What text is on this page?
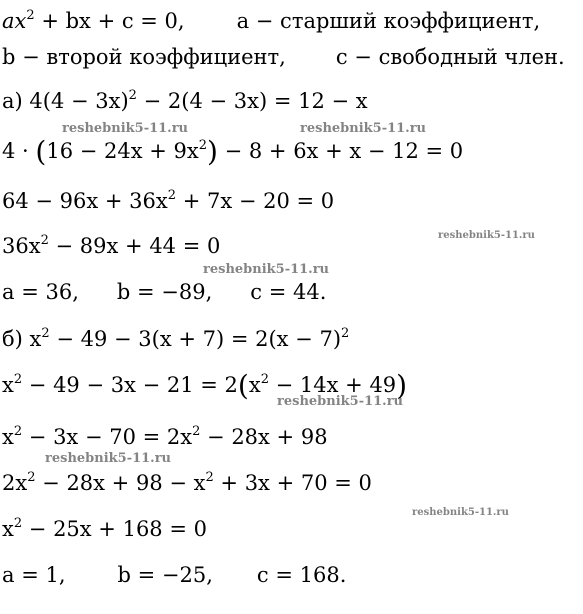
$ax^2$ + bx + c = 0, a − старший коэффициент,
b − второй коэффициент, c − свободный член.
а) $4(4 - 3x)^2 - 2(4 - 3x) = 12 - x$
$4 \cdot (16 - 24x + 9x^2) - 8 + 6x + x - 12 = 0$
$64 - 96x + 36x^2 + 7x - 20 = 0$
$36x^2 - 89x + 44 = 0$
a = 36, b = −89, c = 44.
б) $x^2 - 49 - 3(x + 7) = 2(x - 7)^2$
$x^2 - 49 - 3x - 21 = 2(x^2 - 14x + 49)$
$x^2 - 3x - 70 = 2x^2 - 28x + 98$
$2x^2 - 28x + 98 - x^2 + 3x + 70 = 0$
$x^2 - 25x + 168 = 0$
a = 1, b = −25, c = 168.
reshebnik5-11.ru	reshebnik5-11.ru
reshebnik5-11.ru
reshebnik5-11.ru
reshebnik5-11.ru
reshebnik5-11.ru
reshebnik5-11.ru
